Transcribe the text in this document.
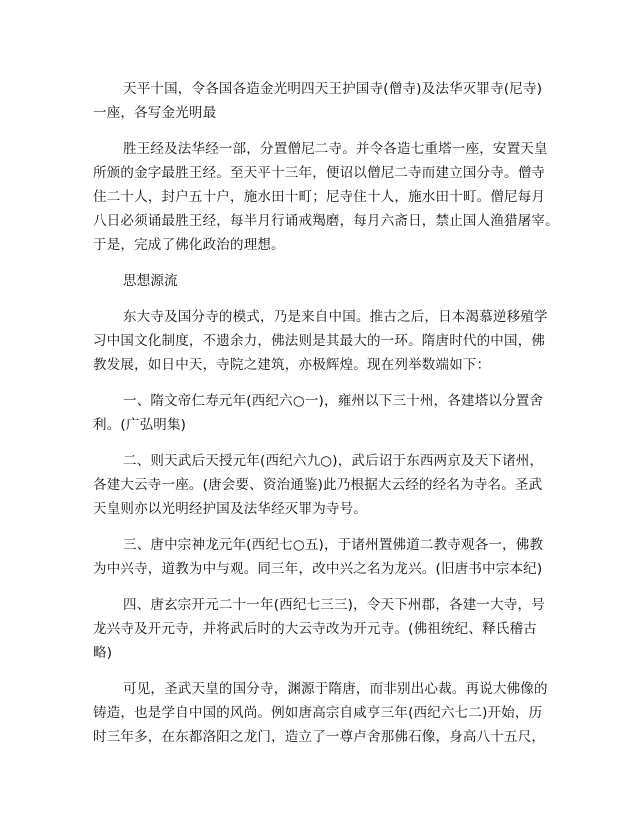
天平十国，令各国各造金光明四天王护国寺(僧寺)及法华灭罪寺(尼寺)
一座，各写金光明最
胜王经及法华经一部，分置僧尼二寺。并令各造七重塔一座，安置天皇
所颁的金字最胜王经。至天平十三年，便诏以僧尼二寺而建立国分寺。僧寺
住二十人，封户五十户，施水田十町；尼寺住十人，施水田十町。僧尼每月
八日必须诵最胜王经，每半月行诵戒羯磨，每月六斋日，禁止国人渔猎屠宰。
于是，完成了佛化政治的理想。
思想源流
东大寺及国分寺的模式，乃是来自中国。推古之后，日本渴慕逆移殖学
习中国文化制度，不遗余力，佛法则是其最大的一环。隋唐时代的中国，佛
教发展，如日中天，寺院之建筑，亦极辉煌。现在列举数端如下：
一、隋文帝仁寿元年(西纪六○一)，雍州以下三十州，各建塔以分置舍
利。(广弘明集)
二、则天武后天授元年(西纪六九○)，武后诏于东西两京及天下诸州，
各建大云寺一座。(唐会要、资治通鉴)此乃根据大云经的经名为寺名。圣武
天皇则亦以光明经护国及法华经灭罪为寺号。
三、唐中宗神龙元年(西纪七○五)，于诸州置佛道二教寺观各一，佛教
为中兴寺，道教为中与观。同三年，改中兴之名为龙兴。(旧唐书中宗本纪)
四、唐玄宗开元二十一年(西纪七三三)，令天下州郡，各建一大寺，号
龙兴寺及开元寺，并将武后时的大云寺改为开元寺。(佛祖统纪、释氏稽古
略)
可见，圣武天皇的国分寺，渊源于隋唐，而非别出心裁。再说大佛像的
铸造，也是学自中国的风尚。例如唐高宗自咸亨三年(西纪六七二)开始，历
时三年多，在东都洛阳之龙门，造立了一尊卢舍那佛石像，身高八十五尺，
